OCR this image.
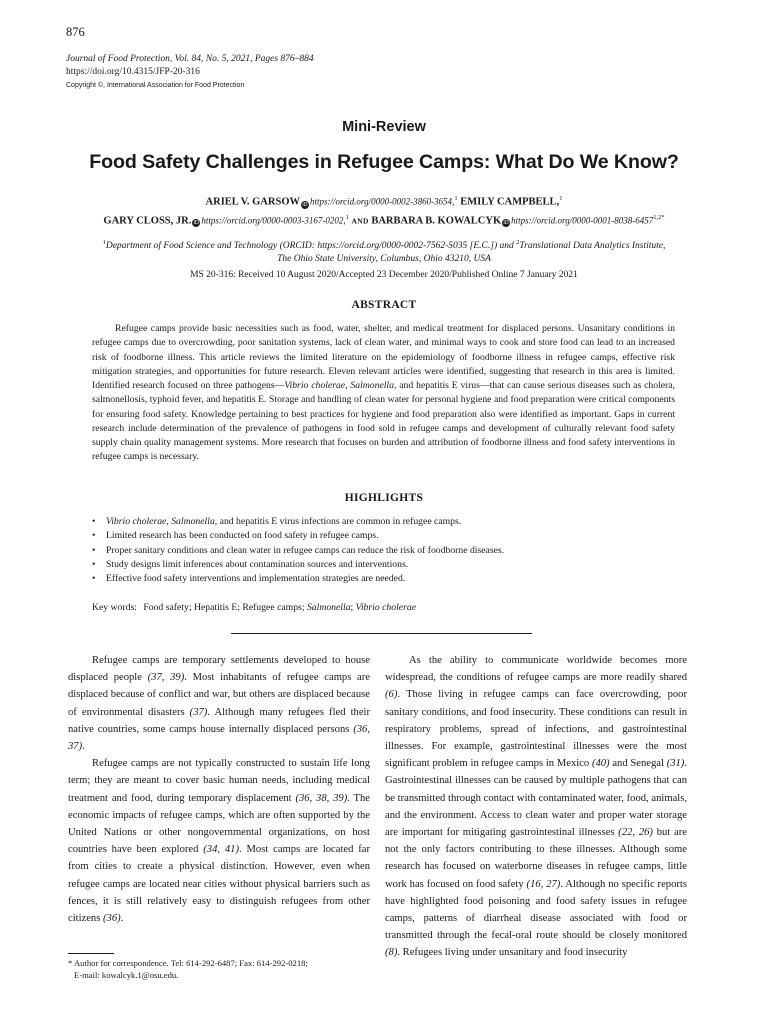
876
Journal of Food Protection, Vol. 84, No. 5, 2021, Pages 876–884
https://doi.org/10.4315/JFP-20-316
Copyright ©, International Association for Food Protection
Mini-Review
Food Safety Challenges in Refugee Camps: What Do We Know?
ARIEL V. GARSOW iD https://orcid.org/0000-0002-3860-3654,$^1$ EMILY CAMPBELL,$^1$
GARY CLOSS, JR. iD https://orcid.org/0000-0003-3167-0202,$^1$ AND BARBARA B. KOWALCYK iD $https://orcid.org/0000-0001-8038-6457^{1,2*}$
$^1$Department of Food Science and Technology (ORCID: https://orcid.org/0000-0002-7562-5035 [E.C.]) and $^2$Translational Data Analytics Institute,
The Ohio State University, Columbus, Ohio 43210, USA
MS 20-316: Received 10 August 2020/Accepted 23 December 2020/Published Online 7 January 2021
ABSTRACT
Refugee camps provide basic necessities such as food, water, shelter, and medical treatment for displaced persons. Unsanitary conditions in refugee camps due to overcrowding, poor sanitation systems, lack of clean water, and minimal ways to cook and store food can lead to an increased risk of foodborne illness. This article reviews the limited literature on the epidemiology of foodborne illness in refugee camps, effective risk mitigation strategies, and opportunities for future research. Eleven relevant articles were identified, suggesting that research in this area is limited. Identified research focused on three pathogens—Vibrio cholerae, Salmonella, and hepatitis E virus—that can cause serious diseases such as cholera, salmonellosis, typhoid fever, and hepatitis E. Storage and handling of clean water for personal hygiene and food preparation were critical components for ensuring food safety. Knowledge pertaining to best practices for hygiene and food preparation also were identified as important. Gaps in current research include determination of the prevalence of pathogens in food sold in refugee camps and development of culturally relevant food safety supply chain quality management systems. More research that focuses on burden and attribution of foodborne illness and food safety interventions in refugee camps is necessary.
HIGHLIGHTS
• Vibrio cholerae, Salmonella, and hepatitis E virus infections are common in refugee camps.
• Limited research has been conducted on food safety in refugee camps.
• Proper sanitary conditions and clean water in refugee camps can reduce the risk of foodborne diseases.
• Study designs limit inferences about contamination sources and interventions.
• Effective food safety interventions and implementation strategies are needed.
Key words: Food safety; Hepatitis E; Refugee camps; Salmonella; Vibrio cholerae

Refugee camps are temporary settlements developed to house displaced people (37, 39). Most inhabitants of refugee camps are displaced because of conflict and war, but others are displaced because of environmental disasters (37). Although many refugees fled their native countries, some camps house internally displaced persons (36, 37).

Refugee camps are not typically constructed to sustain life long term; they are meant to cover basic human needs, including medical treatment and food, during temporary displacement (36, 38, 39). The economic impacts of refugee camps, which are often supported by the United Nations or other nongovernmental organizations, on host countries have been explored (34, 41). Most camps are located far from cities to create a physical distinction. However, even when refugee camps are located near cities without physical barriers such as fences, it is still relatively easy to distinguish refugees from other citizens (36).

As the ability to communicate worldwide becomes more widespread, the conditions of refugee camps are more readily shared (6). Those living in refugee camps can face overcrowding, poor sanitary conditions, and food insecurity. These conditions can result in respiratory problems, spread of infections, and gastrointestinal illnesses. For example, gastrointestinal illnesses were the most significant problem in refugee camps in Mexico (40) and Senegal (31). Gastrointestinal illnesses can be caused by multiple pathogens that can be transmitted through contact with contaminated water, food, animals, and the environment. Access to clean water and proper water storage are important for mitigating gastrointestinal illnesses (22, 26) but are not the only factors contributing to these illnesses. Although some research has focused on waterborne diseases in refugee camps, little work has focused on food safety (16, 27). Although no specific reports have highlighted food poisoning and food safety issues in refugee camps, patterns of diarrheal disease associated with food or transmitted through the fecal-oral route should be closely monitored (8). Refugees living under unsanitary and food insecurity

* Author for correspondence. Tel: 614-292-6487; Fax: 614-292-0218;
E-mail: kowalcyk.1@osu.edu.
